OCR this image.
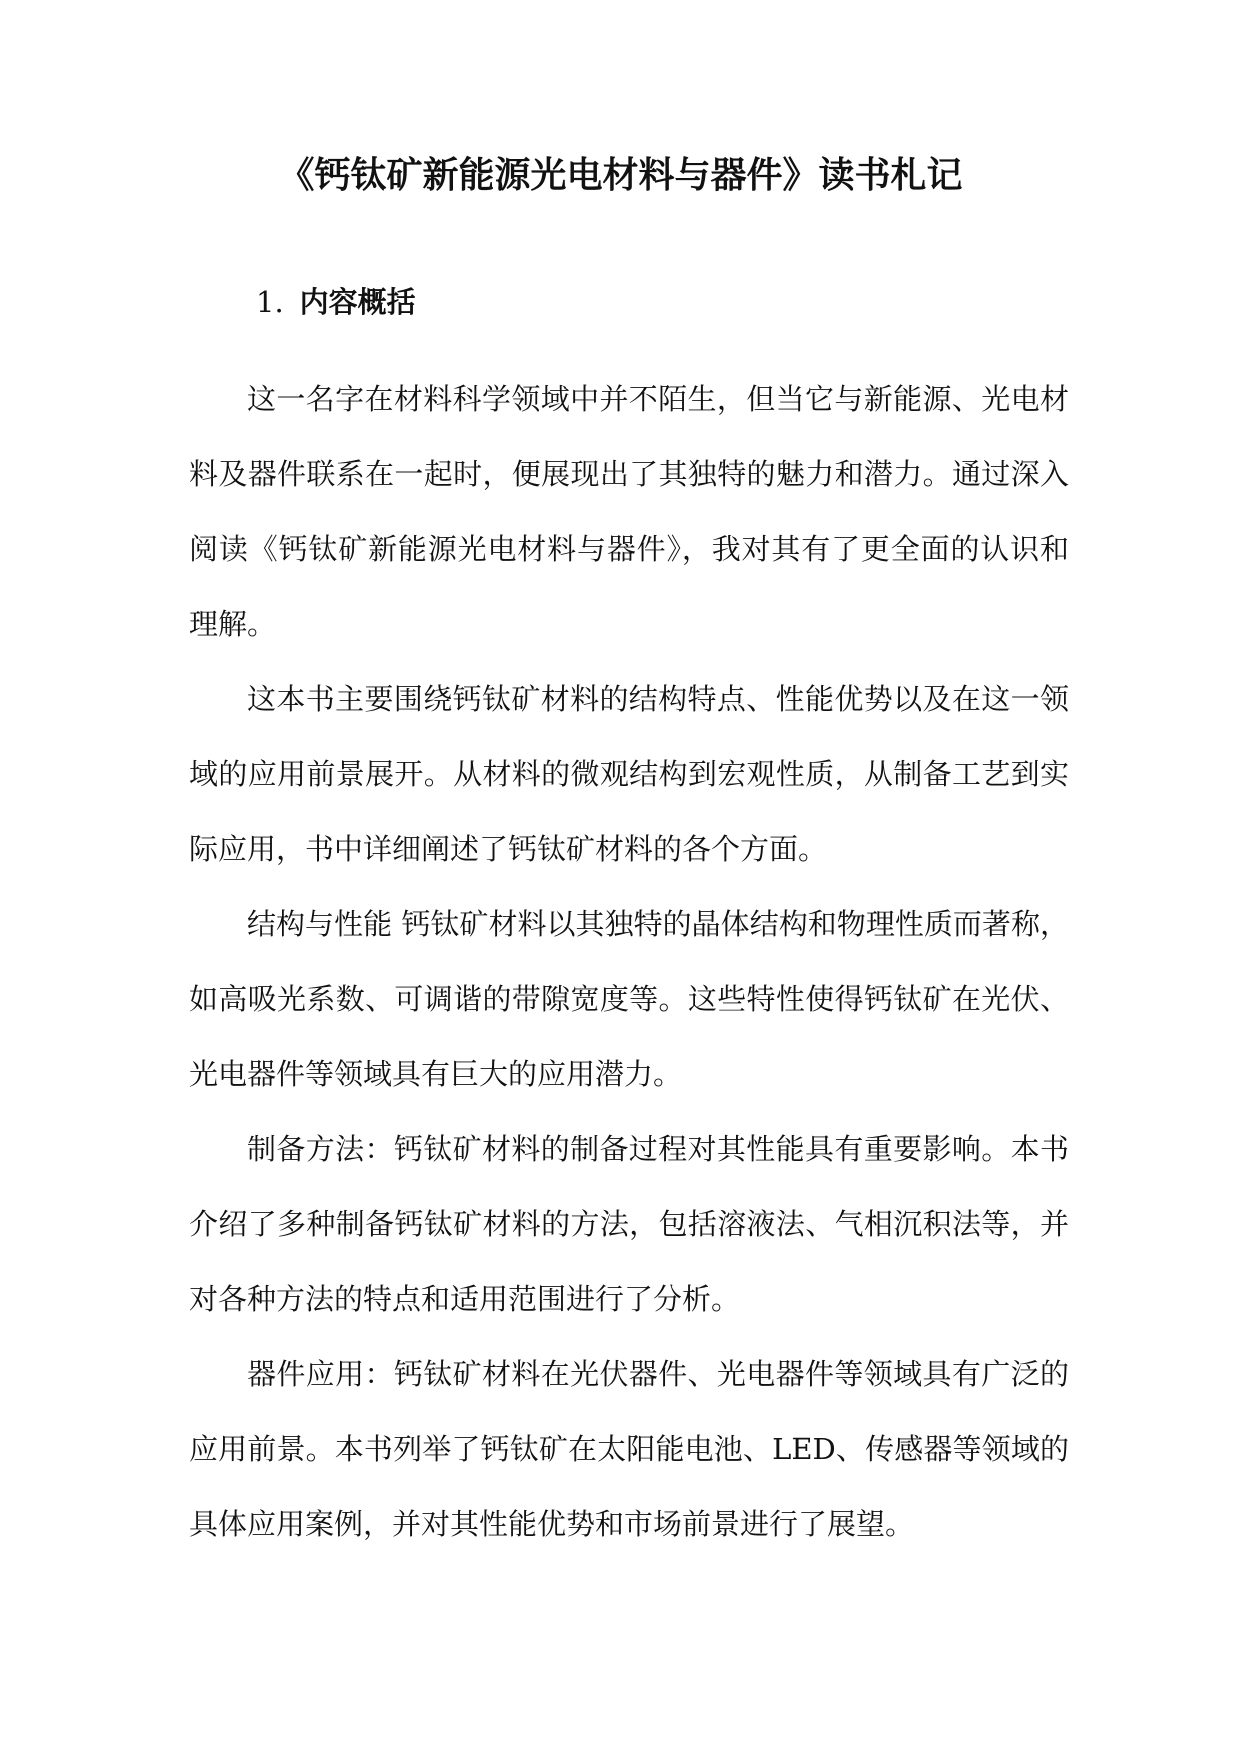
《钙钛矿新能源光电材料与器件》读书札记
1. 内容概括

这一名字在材料科学领域中并不陌生，但当它与新能源、光电材料及器件联系在一起时，便展现出了其独特的魅力和潜力。通过深入阅读《钙钛矿新能源光电材料与器件》，我对其有了更全面的认识和理解。

这本书主要围绕钙钛矿材料的结构特点、性能优势以及在这一领域的应用前景展开。从材料的微观结构到宏观性质，从制备工艺到实际应用，书中详细阐述了钙钛矿材料的各个方面。

结构与性能 钙钛矿材料以其独特的晶体结构和物理性质而著称，如高吸光系数、可调谐的带隙宽度等。这些特性使得钙钛矿在光伏、光电器件等领域具有巨大的应用潜力。

制备方法：钙钛矿材料的制备过程对其性能具有重要影响。本书介绍了多种制备钙钛矿材料的方法，包括溶液法、气相沉积法等，并对各种方法的特点和适用范围进行了分析。

器件应用：钙钛矿材料在光伏器件、光电器件等领域具有广泛的应用前景。本书列举了钙钛矿在太阳能电池、LED、传感器等领域的具体应用案例，并对其性能优势和市场前景进行了展望。
